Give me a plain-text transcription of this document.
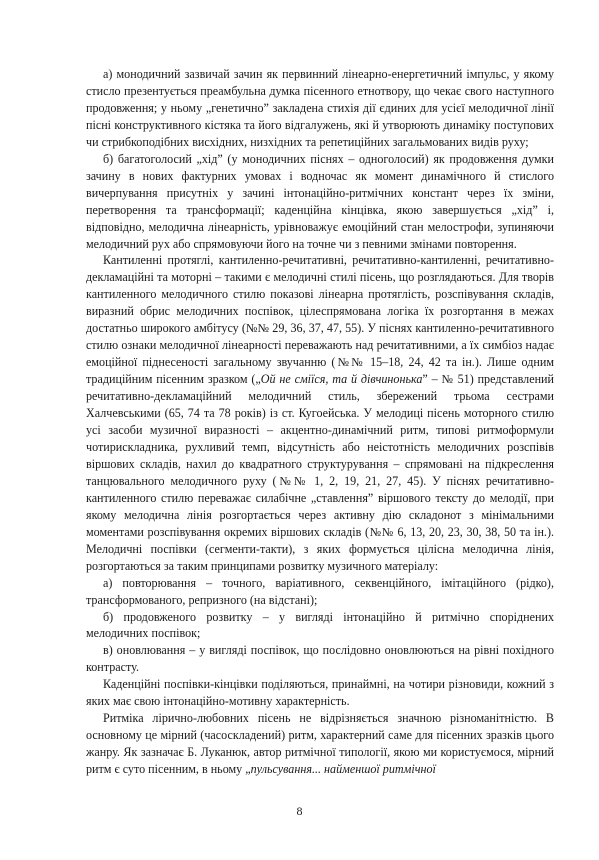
а) монодичний зазвичай зачин як первинний лінеарно-енергетичний імпульс, у якому стисло презентується преамбульна думка пісенного етнотвору, що чекає свого наступного продовження; у ньому „генетично” закладена стихія дії єдиних для усієї мелодичної лінії пісні конструктивного кістяка та його відгалужень, які й утворюють динаміку поступових чи стрибкоподібних висхідних, низхідних та репетиційних загальмованих видів руху;

б) багатоголосий „хід” (у монодичних піснях – одноголосий) як продовження думки зачину в нових фактурних умовах і водночас як момент динамічного й стислого вичерпування присутніх у зачині інтонаційно-ритмічних констант через їх зміни, перетворення та трансформації; каденційна кінцівка, якою завершується „хід” і, відповідно, мелодична лінеарність, урівноважує емоційний стан мелострофи, зупиняючи мелодичний рух або спрямовуючи його на точне чи з певними змінами повторення.

Кантиленні протяглі, кантиленно-речитативні, речитативно-кантиленні, речитативно-декламаційні та моторні – такими є мелодичні стилі пісень, що розглядаються. Для творів кантиленного мелодичного стилю показові лінеарна протяглість, розспівування складів, виразний обрис мелодичних поспівок, цілеспрямована логіка їх розгортання в межах достатньо широкого амбітусу (№№ 29, 36, 37, 47, 55). У піснях кантиленно-речитативного стилю ознаки мелодичної лінеарності переважають над речитативними, а їх симбіоз надає емоційної піднесеності загальному звучанню (№№ 15–18, 24, 42 та ін.). Лише одним традиційним пісенним зразком („Ой не сміїся, та й дівчинонька” – № 51) представлений речитативно-декламаційний мелодичний стиль, збережений трьома сестрами Халчевськими (65, 74 та 78 років) із ст. Кугоейська. У мелодиці пісень моторного стилю усі засоби музичної виразності – акцентно-динамічний ритм, типові ритмоформули чотирискладника, рухливий темп, відсутність або неістотність мелодичних розспівів віршових складів, нахил до квадратного структурування – спрямовані на підкреслення танцювального мелодичного руху (№№ 1, 2, 19, 21, 27, 45). У піснях речитативно-кантиленного стилю переважає силабічне „ставлення” віршового тексту до мелодії, при якому мелодична лінія розгортається через активну дію складонот з мінімальними моментами розспівування окремих віршових складів (№№ 6, 13, 20, 23, 30, 38, 50 та ін.). Мелодичні поспівки (сегменти-такти), з яких формується цілісна мелодична лінія, розгортаються за таким принципами розвитку музичного матеріалу:

а) повторювання – точного, варіативного, секвенційного, імітаційного (рідко), трансформованого, репризного (на відстані);

б) продовженого розвитку – у вигляді інтонаційно й ритмічно споріднених мелодичних поспівок;

в) оновлювання – у вигляді поспівок, що послідовно оновлюються на рівні похідного контрасту.

Каденційні поспівки-кінцівки поділяються, принаймні, на чотири різновиди, кожний з яких має свою інтонаційно-мотивну характерність.

Ритміка ліричнo-любовних пісень не відрізняється значною різноманітністю. В основному це мірний (часоскладений) ритм, характерний саме для пісенних зразків цього жанру. Як зазначає Б. Луканюк, автор ритмічної типології, якою ми користуємося, мірний ритм є суто пісенним, в ньому „пульсування... найменшої ритмічної

8
